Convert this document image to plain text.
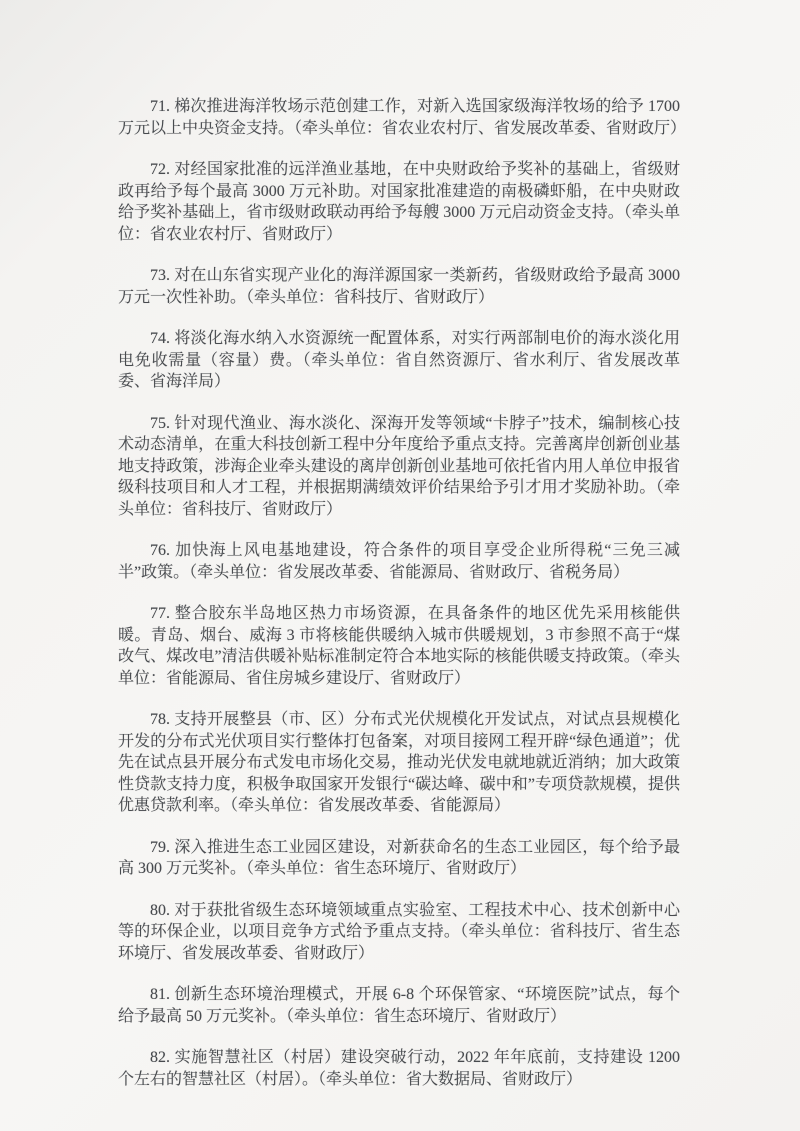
71. 梯次推进海洋牧场示范创建工作，对新入选国家级海洋牧场的给予 1700 万元以上中央资金支持。（牵头单位：省农业农村厅、省发展改革委、省财政厅）

72. 对经国家批准的远洋渔业基地，在中央财政给予奖补的基础上，省级财政再给予每个最高 3000 万元补助。对国家批准建造的南极磷虾船，在中央财政给予奖补基础上，省市级财政联动再给予每艘 3000 万元启动资金支持。（牵头单位：省农业农村厅、省财政厅）

73. 对在山东省实现产业化的海洋源国家一类新药，省级财政给予最高 3000 万元一次性补助。（牵头单位：省科技厅、省财政厅）

74. 将淡化海水纳入水资源统一配置体系，对实行两部制电价的海水淡化用电免收需量（容量）费。（牵头单位：省自然资源厅、省水利厅、省发展改革委、省海洋局）

75. 针对现代渔业、海水淡化、深海开发等领域“卡脖子”技术，编制核心技术动态清单，在重大科技创新工程中分年度给予重点支持。完善离岸创新创业基地支持政策，涉海企业牵头建设的离岸创新创业基地可依托省内用人单位申报省级科技项目和人才工程，并根据期满绩效评价结果给予引才用才奖励补助。（牵头单位：省科技厅、省财政厅）

76. 加快海上风电基地建设，符合条件的项目享受企业所得税“三免三减半”政策。（牵头单位：省发展改革委、省能源局、省财政厅、省税务局）

77. 整合胶东半岛地区热力市场资源，在具备条件的地区优先采用核能供暖。青岛、烟台、威海 3 市将核能供暖纳入城市供暖规划，3 市参照不高于“煤改气、煤改电”清洁供暖补贴标准制定符合本地实际的核能供暖支持政策。（牵头单位：省能源局、省住房城乡建设厅、省财政厅）

78. 支持开展整县（市、区）分布式光伏规模化开发试点，对试点县规模化开发的分布式光伏项目实行整体打包备案，对项目接网工程开辟“绿色通道”；优先在试点县开展分布式发电市场化交易，推动光伏发电就地就近消纳；加大政策性贷款支持力度，积极争取国家开发银行“碳达峰、碳中和”专项贷款规模，提供优惠贷款利率。（牵头单位：省发展改革委、省能源局）

79. 深入推进生态工业园区建设，对新获命名的生态工业园区，每个给予最高 300 万元奖补。（牵头单位：省生态环境厅、省财政厅）

80. 对于获批省级生态环境领域重点实验室、工程技术中心、技术创新中心等的环保企业，以项目竞争方式给予重点支持。（牵头单位：省科技厅、省生态环境厅、省发展改革委、省财政厅）

81. 创新生态环境治理模式，开展 6-8 个环保管家、“环境医院”试点，每个给予最高 50 万元奖补。（牵头单位：省生态环境厅、省财政厅）

82. 实施智慧社区（村居）建设突破行动，2022 年年底前，支持建设 1200 个左右的智慧社区（村居）。（牵头单位：省大数据局、省财政厅）
